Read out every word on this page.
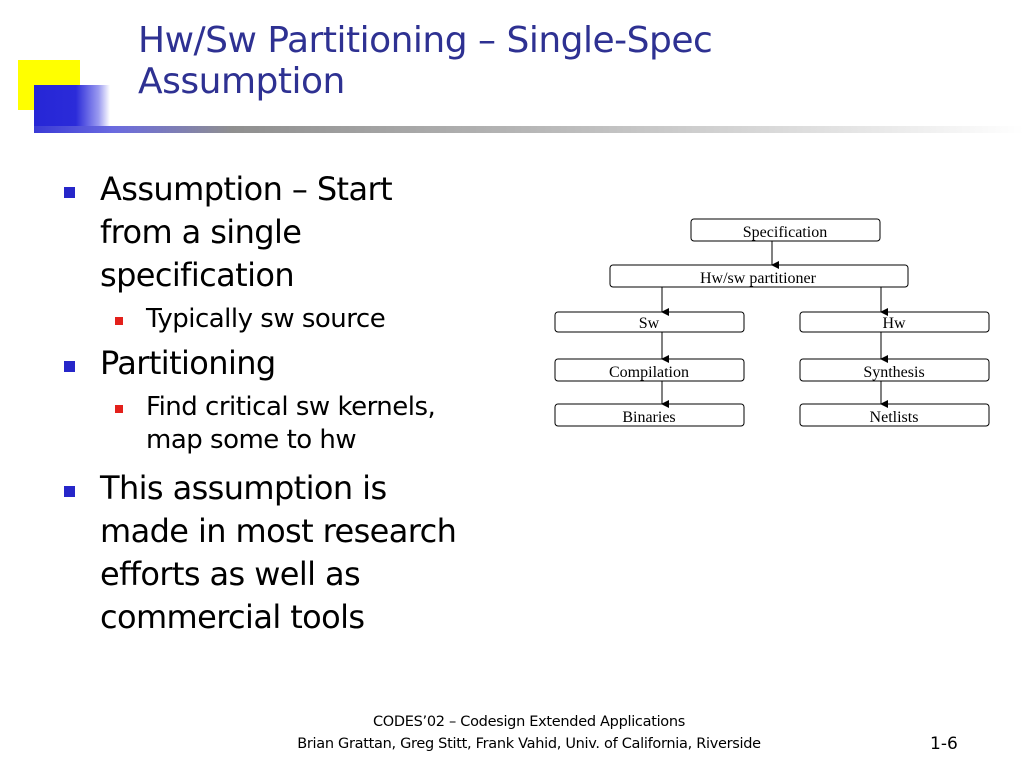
Hw/Sw Partitioning – Single-Spec
Assumption
Assumption – Start
from a single
specification
Typically sw source
Partitioning
Find critical sw kernels,
map some to hw
This assumption is
made in most research
efforts as well as
commercial tools
Specification
Hw/sw partitioner
Sw	Hw
Compilation	Synthesis
Binaries	Netlists
CODES’02 – Codesign Extended Applications
Brian Grattan, Greg Stitt, Frank Vahid, Univ. of California, Riverside	1-6
